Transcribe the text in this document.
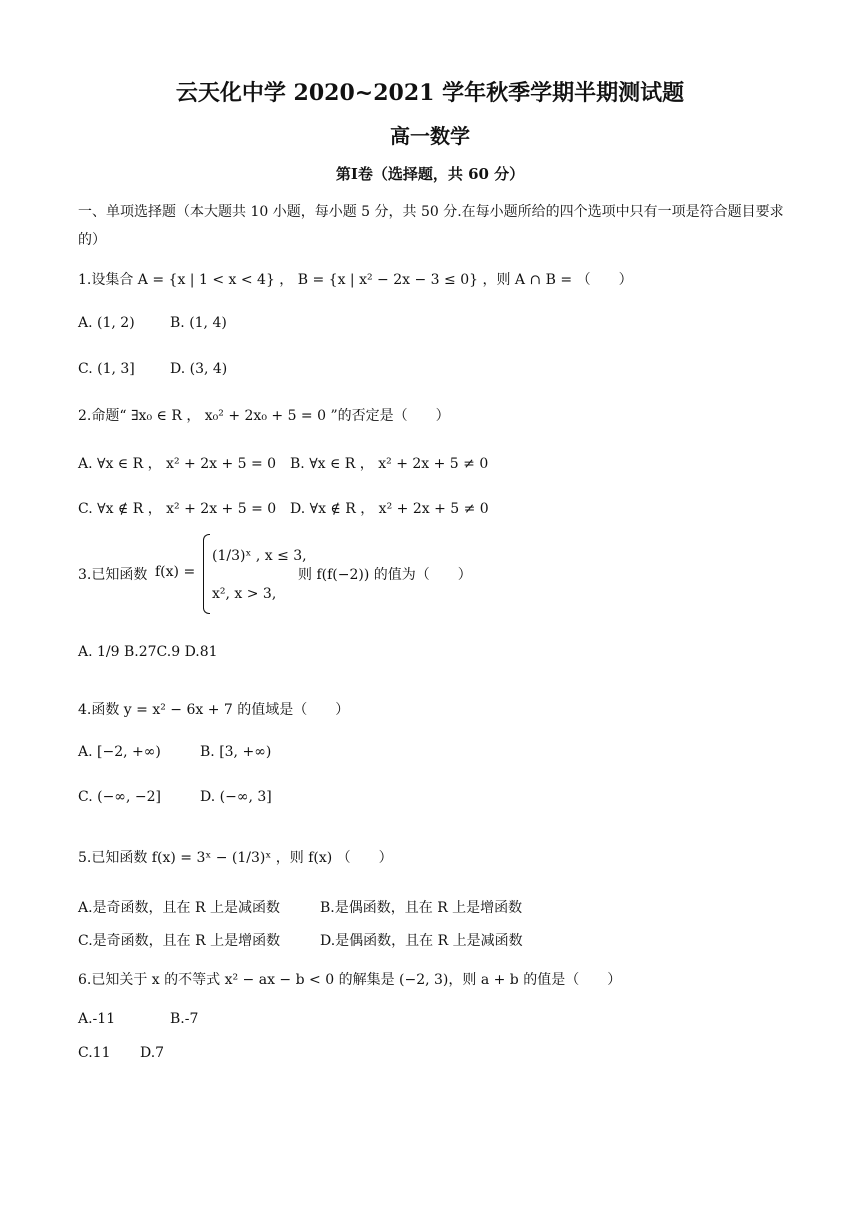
云天化中学 2020~2021 学年秋季学期半期测试题
高一数学
第Ⅰ卷（选择题，共 60 分）
一、单项选择题（本大题共 10 小题，每小题 5 分，共 50 分.在每小题所给的四个选项中只有一项是符合题目要求的）
1.设集合 A = {x | 1 < x < 4} ， B = {x | x² − 2x − 3 ≤ 0} ，则 A ∩ B = （　　）
A. (1, 2)	B. (1, 4)
C. (1, 3]	D. (3, 4)
2.命题“ ∃x₀ ∈ R ， x₀² + 2x₀ + 5 = 0 ”的否定是（　　）
A. ∀x ∈ R ， x² + 2x + 5 = 0 B. ∀x ∈ R ， x² + 2x + 5 ≠ 0
C. ∀x ∉ R ， x² + 2x + 5 = 0 D. ∀x ∉ R ， x² + 2x + 5 ≠ 0
3.已知函数 f(x) =
(1/3)ˣ , x ≤ 3,
x², x > 3,
则 f(f(−2)) 的值为（　　）
A. 1/9 B.27C.9 D.81
4.函数 y = x² − 6x + 7 的值域是（　　）
A. [−2, +∞)	B. [3, +∞)
C. (−∞, −2]	D. (−∞, 3]
5.已知函数 f(x) = 3ˣ − (1/3)ˣ ，则 f(x) （　　）
A.是奇函数，且在 R 上是减函数	B.是偶函数，且在 R 上是增函数
C.是奇函数，且在 R 上是增函数	D.是偶函数，且在 R 上是减函数
6.已知关于 x 的不等式 x² − ax − b < 0 的解集是 (−2, 3)，则 a + b 的值是（　　）
A.-11	B.-7
C.11 D.7
